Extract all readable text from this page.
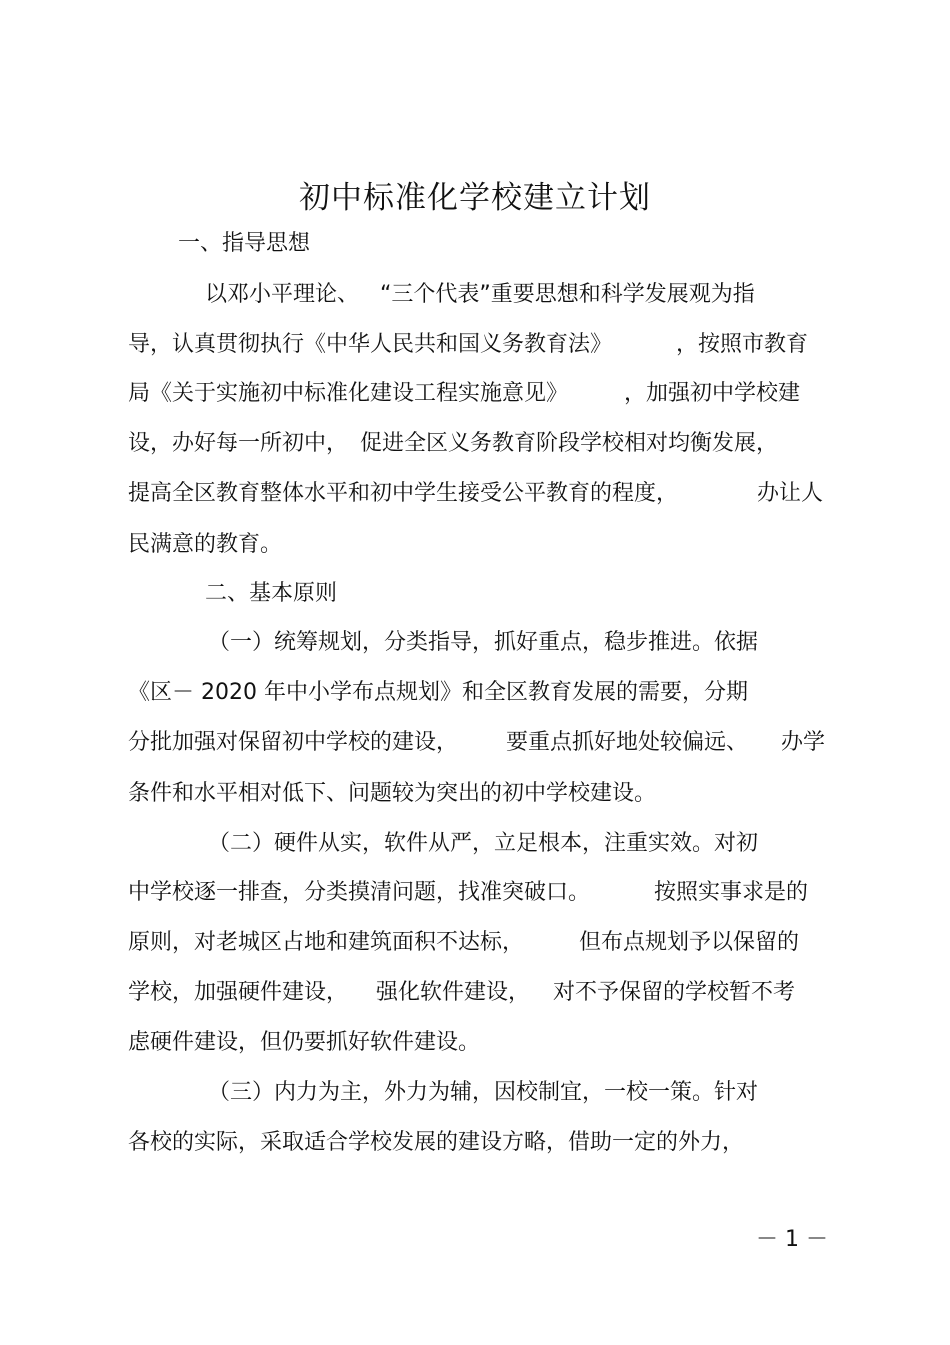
初中标准化学校建立计划
一、指导思想
以邓小平理论、 “三个代表”重要思想和科学发展观为指
导，认真贯彻执行《中华人民共和国义务教育法》	，按照市教育
局《关于实施初中标准化建设工程实施意见》	，加强初中学校建
设，办好每一所初中， 促进全区义务教育阶段学校相对均衡发展，
提高全区教育整体水平和初中学生接受公平教育的程度，	办让人
民满意的教育。
二、基本原则
（一）统筹规划，分类指导，抓好重点，稳步推进。依据
《区－ 2020 年中小学布点规划》和全区教育发展的需要，分期
分批加强对保留初中学校的建设， 要重点抓好地处较偏远、 办学
条件和水平相对低下、问题较为突出的初中学校建设。
（二）硬件从实，软件从严，立足根本，注重实效。对初
中学校逐一排查，分类摸清问题，找准突破口。	按照实事求是的
原则，对老城区占地和建筑面积不达标， 但布点规划予以保留的
学校，加强硬件建设， 强化软件建设， 对不予保留的学校暂不考
虑硬件建设，但仍要抓好软件建设。
（三）内力为主，外力为辅，因校制宜，一校一策。针对
各校的实际，采取适合学校发展的建设方略，借助一定的外力，
－ 1 －
